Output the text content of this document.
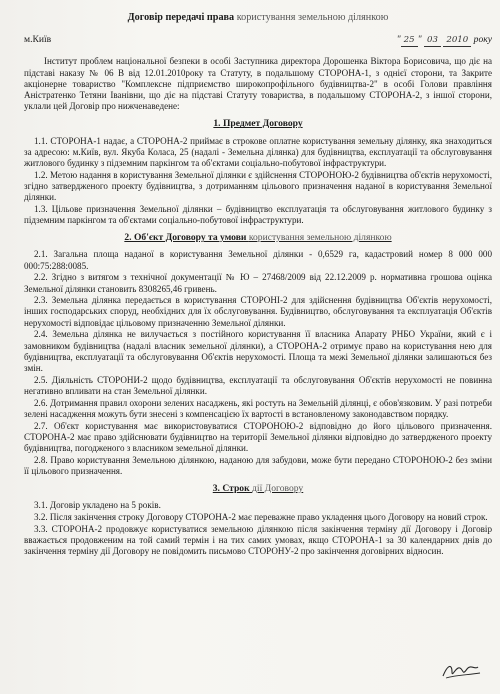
Договір передачі права користування земельною ділянкою
м.Київ	" 25 " 03 2010 року

Інститут проблем національної безпеки в особі Заступника директора Дорошенка Вікторa Борисовича, що діє на підставі наказу № 06 В від 12.01.2010року та Статуту, в подальшому СТОРОНА-1, з однієї сторони, та Закрите акціонерне товариство "Комплексне підприємство широкопрофільного будівництва-2" в особі Голови правління Аністратенко Тетяни Іванівни, що діє на підставі Статуту товариства, в подальшому СТОРОНА-2, з іншої сторони, уклали цей Договір про нижченаведене:

1. Предмет Договору

1.1. СТОРОНА-1 надає, а СТОРОНА-2 приймає в строкове оплатне користування земельну ділянку, яка знаходиться за адресою: м.Київ, вул. Якуба Коласа, 25 (надалі - Земельна ділянка) для будівництва, експлуатації та обслуговування житлового будинку з підземним паркінгом та об'єктами соціально-побутової інфраструктури.

1.2. Метою надання в користування Земельної ділянки є здійснення СТОРОНОЮ-2 будівництва об'єктів нерухомості, згідно затвердженого проекту будівництва, з дотриманням цільового призначення наданої в користування Земельної ділянки.

1.3. Цільове призначення Земельної ділянки – будівництво експлуатація та обслуговування житлового будинку з підземним паркінгом та об'єктами соціально-побутової інфраструктури.

2. Об'єкт Договору та умови користування земельною ділянкою

2.1. Загальна площа наданої в користування Земельної ділянки - 0,6529 га, кадастровий номер 8 000 000 000:75:288:0085.

2.2. Згідно з витягом з технічної документації № Ю – 27468/2009 від 22.12.2009 р. нормативна грошова оцінка Земельної ділянки становить 8308265,46 гривень.

2.3. Земельна ділянка передається в користування СТОРОНІ-2 для здійснення будівництва Об'єктів нерухомості, інших господарських споруд, необхідних для їх обслуговування. Будівництво, обслуговування та експлуатація Об'єктів нерухомості відповідає цільовому призначенню Земельної ділянки.

2.4. Земельна ділянка не вилучається з постійного користування її власника Апарату РНБО України, який є і замовником будівництва (надалі власник земельної ділянки), а СТОРОНА-2 отримує право на користування нею для будівництва, експлуатації та обслуговування Об'єктів нерухомості. Площа та межі Земельної ділянки залишаються без змін.

2.5. Діяльність СТОРОНИ-2 щодо будівництва, експлуатації та обслуговування Об'єктів нерухомості не повинна негативно впливати на стан Земельної ділянки.

2.6. Дотримання правил охорони зелених насаджень, які ростуть на Земельній ділянці, є обов'язковим. У разі потреби зелені насадження можуть бути знесені з компенсацією їх вартості в встановленому законодавством порядку.

2.7. Об'єкт користування має використовуватися СТОРОНОЮ-2 відповідно до його цільового призначення. СТОРОНА-2 має право здійснювати будівництво на території Земельної ділянки відповідно до затвердженого проекту будівництва, погодженого з власником земельної ділянки.

2.8. Право користування Земельною ділянкою, наданою для забудови, може бути передано СТОРОНОЮ-2 без зміни її цільового призначення.

3. Строк дії Договору

3.1. Договір укладено на 5 років.

3.2. Після закінчення строку Договору СТОРОНА-2 має переважне право укладення цього Договору на новий строк.

3.3. СТОРОНА-2 продовжує користуватися земельною ділянкою після закінчення терміну дії Договору і Договір вважається продовженим на той самий термін і на тих самих умовах, якщо СТОРОНА-1 за 30 календарних днів до закінчення терміну дії Договору не повідомить письмово СТОРОНУ-2 про закінчення договірних відносин.
